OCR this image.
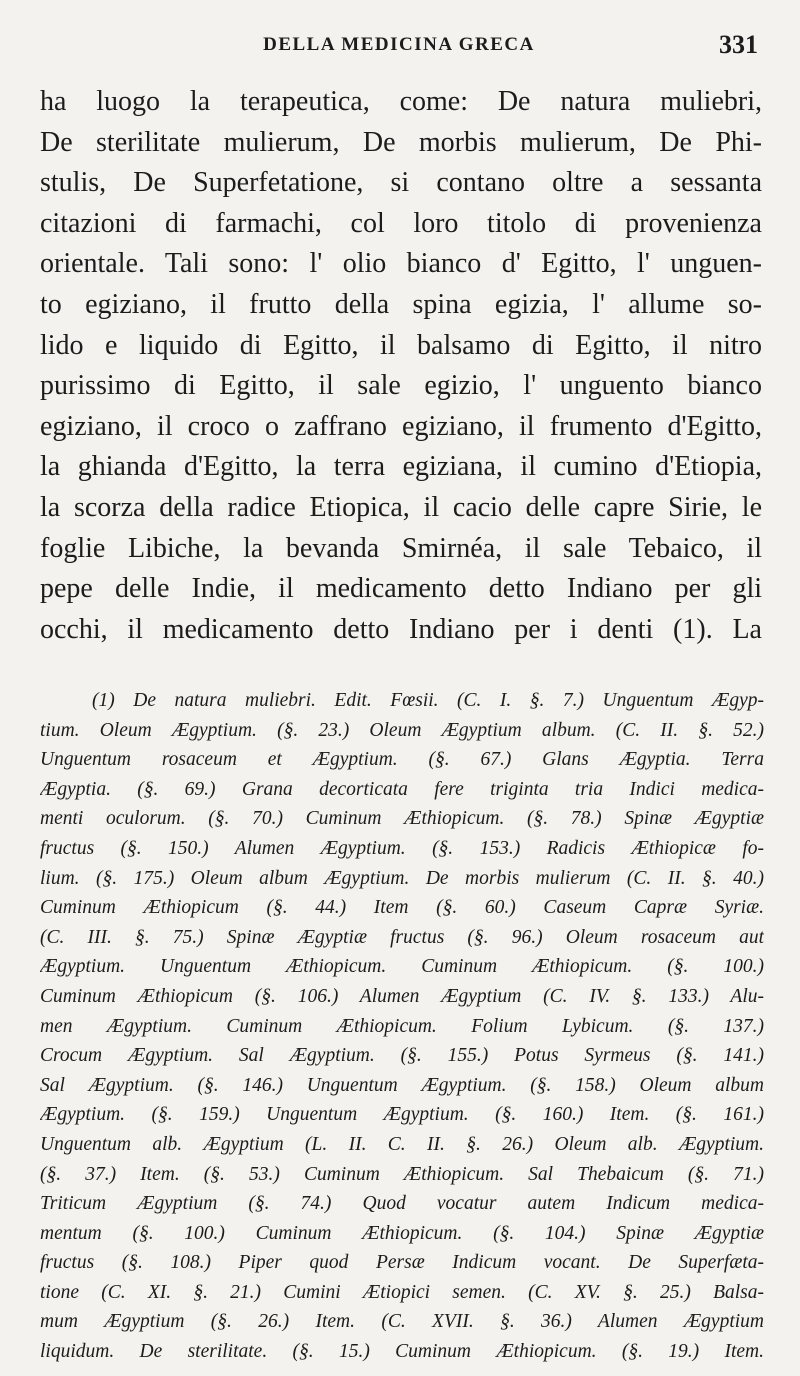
DELLA MEDICINA GRECA	331
ha luogo la terapeutica, come: De natura muliebri,
De sterilitate mulierum, De morbis mulierum, De Phi-
stulis, De Superfetatione, si contano oltre a sessanta
citazioni di farmachi, col loro titolo di provenienza
orientale. Tali sono: l' olio bianco d' Egitto, l' unguen-
to egiziano, il frutto della spina egizia, l' allume so-
lido e liquido di Egitto, il balsamo di Egitto, il nitro
purissimo di Egitto, il sale egizio, l' unguento bianco
egiziano, il croco o zaffrano egiziano, il frumento d'Egitto,
la ghianda d'Egitto, la terra egiziana, il cumino d'Etiopia,
la scorza della radice Etiopica, il cacio delle capre Sirie, le
foglie Libiche, la bevanda Smirnéa, il sale Tebaico, il
pepe delle Indie, il medicamento detto Indiano per gli
occhi, il medicamento detto Indiano per i denti (1). La
(1) De natura muliebri. Edit. Fœsii. (C. I. §. 7.) Unguentum Ægyp-
tium. Oleum Ægyptium. (§. 23.) Oleum Ægyptium album. (C. II. §. 52.)
Unguentum rosaceum et Ægyptium. (§. 67.) Glans Ægyptia. Terra
Ægyptia. (§. 69.) Grana decorticata fere triginta tria Indici medica-
menti oculorum. (§. 70.) Cuminum Æthiopicum. (§. 78.) Spinæ Ægyptiæ
fructus (§. 150.) Alumen Ægyptium. (§. 153.) Radicis Æthiopicæ fo-
lium. (§. 175.) Oleum album Ægyptium. De morbis mulierum (C. II. §. 40.)
Cuminum Æthiopicum (§. 44.) Item (§. 60.) Caseum Capræ Syriæ.
(C. III. §. 75.) Spinæ Ægyptiæ fructus (§. 96.) Oleum rosaceum aut
Ægyptium. Unguentum Æthiopicum. Cuminum Æthiopicum. (§. 100.)
Cuminum Æthiopicum (§. 106.) Alumen Ægyptium (C. IV. §. 133.) Alu-
men Ægyptium. Cuminum Æthiopicum. Folium Lybicum. (§. 137.)
Crocum Ægyptium. Sal Ægyptium. (§. 155.) Potus Syrmeus (§. 141.)
Sal Ægyptium. (§. 146.) Unguentum Ægyptium. (§. 158.) Oleum album
Ægyptium. (§. 159.) Unguentum Ægyptium. (§. 160.) Item. (§. 161.)
Unguentum alb. Ægyptium (L. II. C. II. §. 26.) Oleum alb. Ægyptium.
(§. 37.) Item. (§. 53.) Cuminum Æthiopicum. Sal Thebaicum (§. 71.)
Triticum Ægyptium (§. 74.) Quod vocatur autem Indicum medica-
mentum (§. 100.) Cuminum Æthiopicum. (§. 104.) Spinæ Ægyptiæ
fructus (§. 108.) Piper quod Persæ Indicum vocant. De Superfæta-
tione (C. XI. §. 21.) Cumini Ætiopici semen. (C. XV. §. 25.) Balsa-
mum Ægyptium (§. 26.) Item. (C. XVII. §. 36.) Alumen Ægyptium
liquidum. De sterilitate. (§. 15.) Cuminum Æthiopicum. (§. 19.) Item.
